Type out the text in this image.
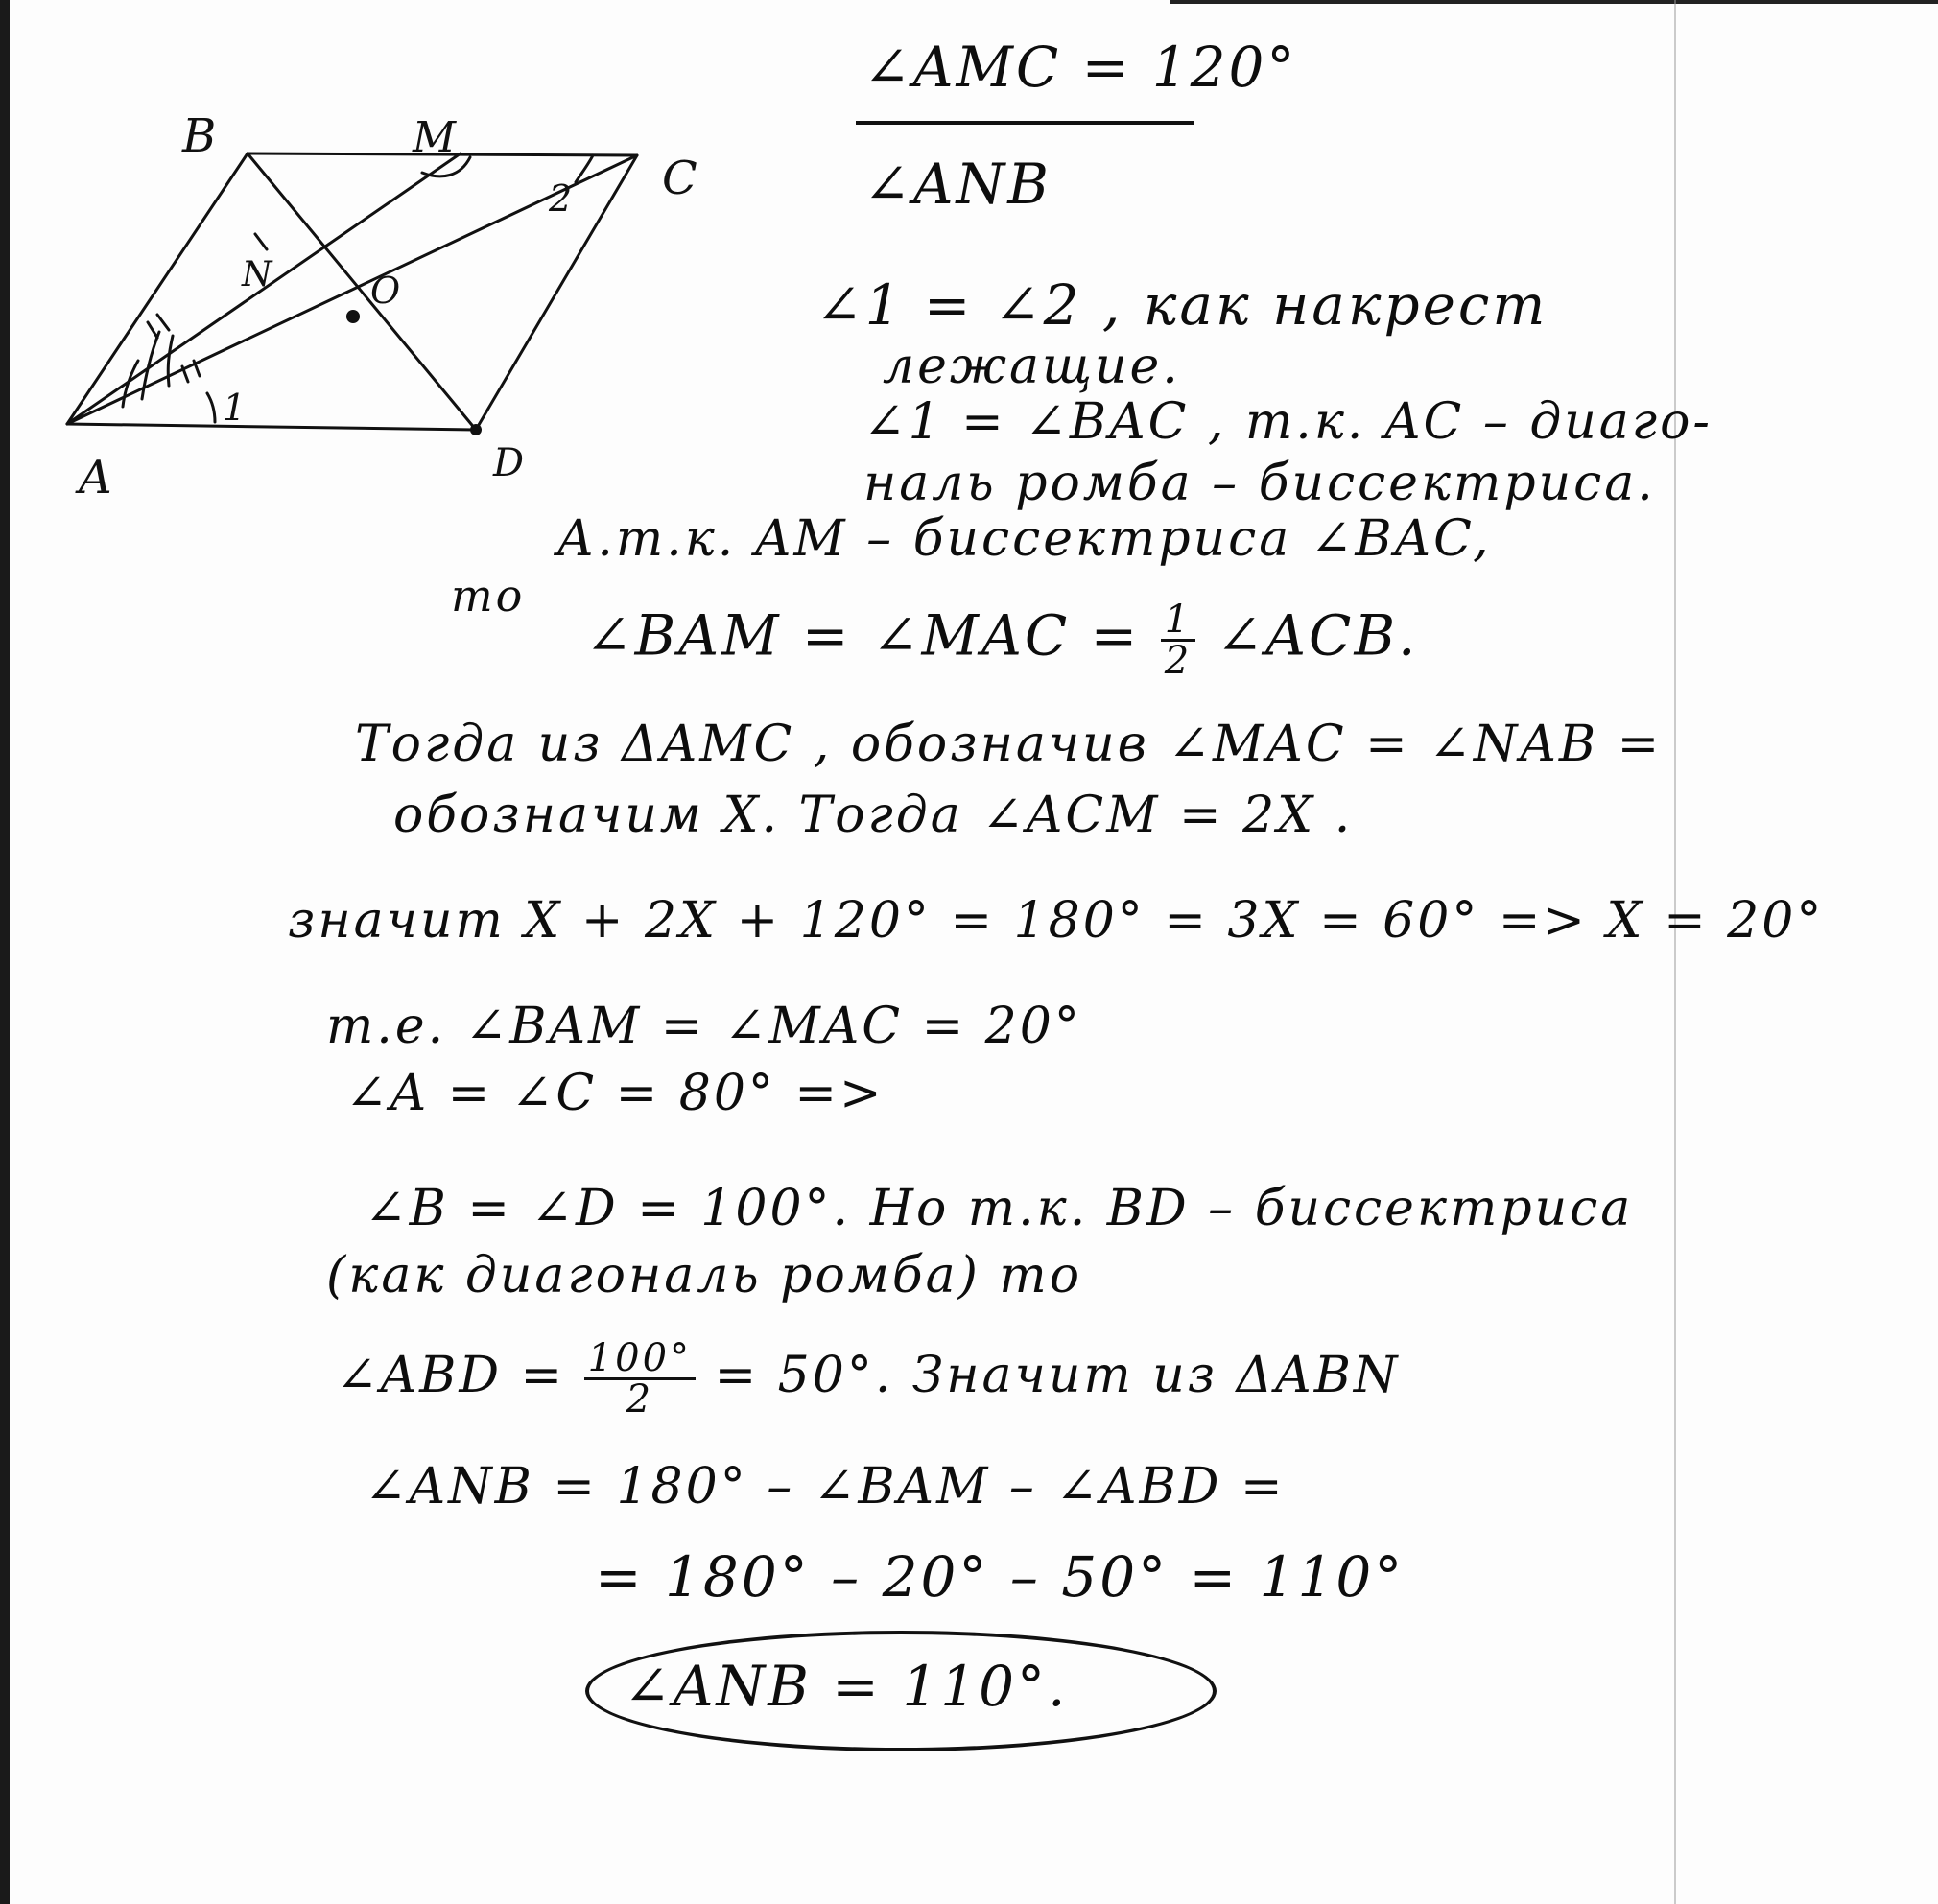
A
B
C
D
M
N	O
1
2
∠AMC = 120°
∠ANB
∠1 = ∠2 , как накрест
лежащие.
∠1 = ∠BAC , т.к. AC – диаго-
наль ромба – биссектриса.
А.т.к. AM – биссектриса ∠BAC,
то
∠BAM = ∠MAC = $\frac{1}{2}$ ∠ACB.
Тогда из ΔAMC , обозначив ∠MAC = ∠NAB =
обозначим X. Тогда ∠ACM = 2X .
значит X + 2X + 120° = 180° = 3X = 60° => X = 20°
т.е. ∠BAM = ∠MAC = 20°
∠A = ∠C = 80° =>
∠B = ∠D = 100°. Но т.к. BD – биссектриса
(как диагональ ромба) то
∠ABD = $\frac{100^\circ}{2} = 50^\circ$. Значит из ΔABN
∠ANB = 180° – ∠BAM – ∠ABD =
= 180° – 20° – 50° = 110°
∠ANB = 110°.
